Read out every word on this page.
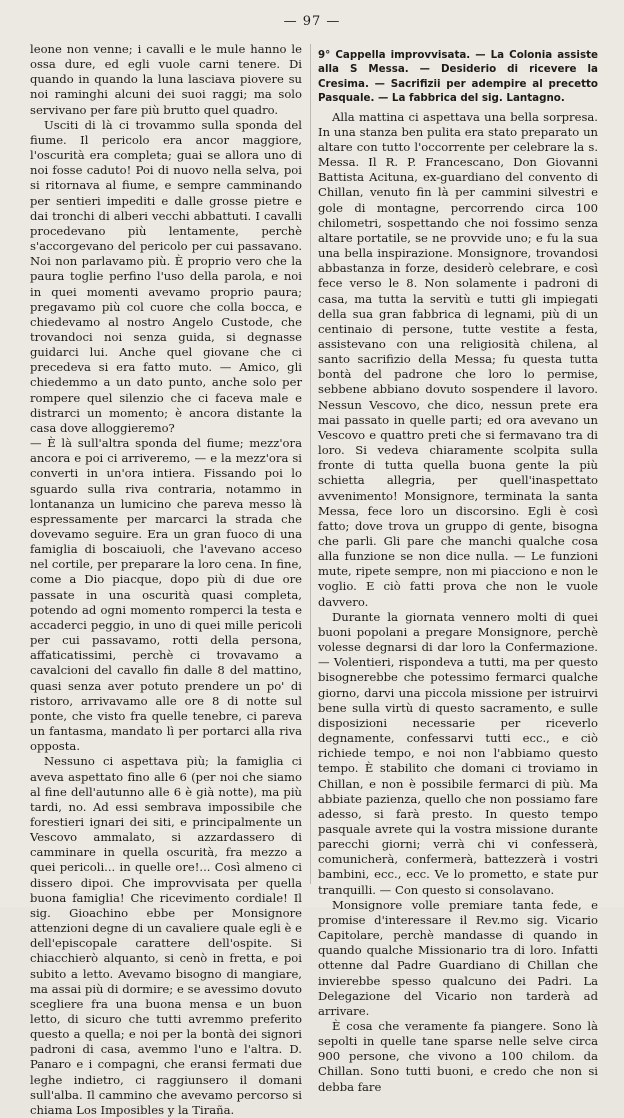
— 97 —

leone non venne; i cavalli e le mule hanno le ossa dure, ed egli vuole carni tenere. Di quando in quando la luna lasciava piovere su noi raminghi alcuni dei suoi raggi; ma solo servivano per fare più brutto quel quadro.

Usciti di là ci trovammo sulla sponda del fiume. Il pericolo era ancor maggiore, l'oscurità era completa; guai se allora uno di noi fosse caduto! Poi di nuovo nella selva, poi si ritornava al fiume, e sempre camminando per sentieri impediti e dalle grosse pietre e dai tronchi di alberi vecchi abbattuti. I cavalli procedevano più lentamente, perchè s'accorgevano del pericolo per cui passavano. Noi non parlavamo più. È proprio vero che la paura toglie perfino l'uso della parola, e noi in quei momenti avevamo proprio paura; pregavamo più col cuore che colla bocca, e chiedevamo al nostro Angelo Custode, che trovandoci noi senza guida, si degnasse guidarci lui. Anche quel giovane che ci precedeva si era fatto muto. — Amico, gli chiedemmo a un dato punto, anche solo per rompere quel silenzio che ci faceva male e distrarci un momento; è ancora distante la casa dove alloggieremo?

— È là sull'altra sponda del fiume; mezz'ora ancora e poi ci arriveremo, — e la mezz'ora si converti in un'ora intiera. Fissando poi lo sguardo sulla riva contraria, notammo in lontananza un lumicino che pareva messo là espressamente per marcarci la strada che dovevamo seguire. Era un gran fuoco di una famiglia di boscaiuoli, che l'avevano acceso nel cortile, per preparare la loro cena. In fine, come a Dio piacque, dopo più di due ore passate in una oscurità quasi completa, potendo ad ogni momento romperci la testa e accaderci peggio, in uno di quei mille pericoli per cui passavamo, rotti della persona, affaticatissimi, perchè ci trovavamo a cavalcioni del cavallo fin dalle 8 del mattino, quasi senza aver potuto prendere un po' di ristoro, arrivavamo alle ore 8 di notte sul ponte, che visto fra quelle tenebre, ci pareva un fantasma, mandato lì per portarci alla riva opposta.

Nessuno ci aspettava più; la famiglia ci aveva aspettato fino alle 6 (per noi che siamo al fine dell'autunno alle 6 è già notte), ma più tardi, no. Ad essi sembrava impossibile che forestieri ignari dei siti, e principalmente un Vescovo ammalato, si azzardassero di camminare in quella oscurità, fra mezzo a quei pericoli... in quelle ore!... Così almeno ci dissero dipoi. Che improvvisata per quella buona famiglia! Che ricevimento cordiale! Il sig. Gioachino ebbe per Monsignore attenzioni degne di un cavaliere quale egli è e dell'episcopale carattere dell'ospite. Si chiacchierò alquanto, si cenò in fretta, e poi subito a letto. Avevamo bisogno di mangiare, ma assai più di dormire; e se avessimo dovuto scegliere fra una buona mensa e un buon letto, di sicuro che tutti avremmo preferito questo a quella; e noi per la bontà dei signori padroni di casa, avemmo l'uno e l'altra. D. Panaro e i compagni, che eransi fermati due leghe indietro, ci raggiunsero il domani sull'alba. Il cammino che avevamo percorso si chiama Los Imposibles y la Tiraña.

9° Cappella improvvisata. — La Colonia assiste alla S Messa. — Desiderio di ricevere la Cresima. — Sacrifizii per adempire al precetto Pasquale. — La fabbrica del sig. Lantagno.

Alla mattina ci aspettava una bella sorpresa. In una stanza ben pulita era stato preparato un altare con tutto l'occorrente per celebrare la s. Messa. Il R. P. Francescano, Don Giovanni Battista Acituna, ex-guardiano del convento di Chillan, venuto fin là per cammini silvestri e gole di montagne, percorrendo circa 100 chilometri, sospettando che noi fossimo senza altare portatile, se ne provvide uno; e fu la sua una bella inspirazione. Monsignore, trovandosi abbastanza in forze, desiderò celebrare, e così fece verso le 8. Non solamente i padroni di casa, ma tutta la servitù e tutti gli impiegati della sua gran fabbrica di legnami, più di un centinaio di persone, tutte vestite a festa, assistevano con una religiosità chilena, al santo sacrifizio della Messa; fu questa tutta bontà del padrone che loro lo permise, sebbene abbiano dovuto sospendere il lavoro. Nessun Vescovo, che dico, nessun prete era mai passato in quelle parti; ed ora avevano un Vescovo e quattro preti che si fermavano tra di loro. Si vedeva chiaramente scolpita sulla fronte di tutta quella buona gente la più schietta allegria, per quell'inaspettato avvenimento! Monsignore, terminata la santa Messa, fece loro un discorsino. Egli è così fatto; dove trova un gruppo di gente, bisogna che parli. Gli pare che manchi qualche cosa alla funzione se non dice nulla. — Le funzioni mute, ripete sempre, non mi piacciono e non le voglio. E ciò fatti prova che non le vuole davvero.

Durante la giornata vennero molti di quei buoni popolani a pregare Monsignore, perchè volesse degnarsi di dar loro la Confermazione. — Volentieri, rispondeva a tutti, ma per questo bisognerebbe che potessimo fermarci qualche giorno, darvi una piccola missione per istruirvi bene sulla virtù di questo sacramento, e sulle disposizioni necessarie per riceverlo degnamente, confessarvi tutti ecc., e ciò richiede tempo, e noi non l'abbiamo questo tempo. È stabilito che domani ci troviamo in Chillan, e non è possibile fermarci di più. Ma abbiate pazienza, quello che non possiamo fare adesso, si farà presto. In questo tempo pasquale avrete qui la vostra missione durante parecchi giorni; verrà chi vi confesserà, comunicherà, confermerà, battezzerà i vostri bambini, ecc., ecc. Ve lo prometto, e state pur tranquilli. — Con questo si consolavano.

Monsignore volle premiare tanta fede, e promise d'interessare il Rev.mo sig. Vicario Capitolare, perchè mandasse di quando in quando qualche Missionario tra di loro. Infatti ottenne dal Padre Guardiano di Chillan che invierebbe spesso qualcuno dei Padri. La Delegazione del Vicario non tarderà ad arrivare.

È cosa che veramente fa piangere. Sono là sepolti in quelle tane sparse nelle selve circa 900 persone, che vivono a 100 chilom. da Chillan. Sono tutti buoni, e credo che non si debba fare
